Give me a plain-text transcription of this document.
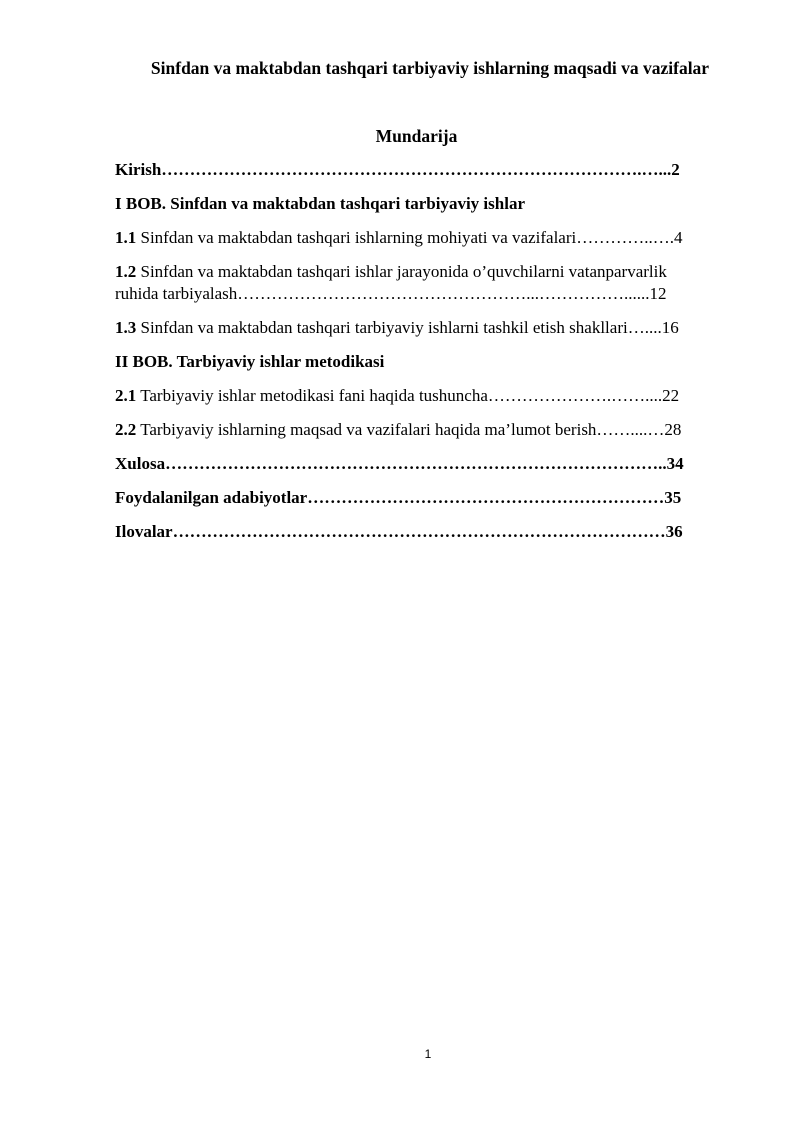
Sinfdan va maktabdan tashqari tarbiyaviy ishlarning maqsadi va vazifalar
Mundarija
Kirish………………………………………………………………………….…...2
I BOB. Sinfdan va maktabdan tashqari tarbiyaviy ishlar
1.1 Sinfdan va maktabdan tashqari ishlarning mohiyati va vazifalari…………..….4
1.2 Sinfdan va maktabdan tashqari ishlar jarayonida o’quvchilarni vatanparvarlik
ruhida tarbiyalash……………………………………………...……………......12
1.3 Sinfdan va maktabdan tashqari tarbiyaviy ishlarni tashkil etish shakllari…....16
II BOB. Tarbiyaviy ishlar metodikasi
2.1 Tarbiyaviy ishlar metodikasi fani haqida tushuncha………………….……....22
2.2 Tarbiyaviy ishlarning maqsad va vazifalari haqida ma’lumot berish……....…28
Xulosa……………………………………………………………………………..34
Foydalanilgan adabiyotlar………………………………………………………35
Ilovalar……………………………………………………………………………36
1
